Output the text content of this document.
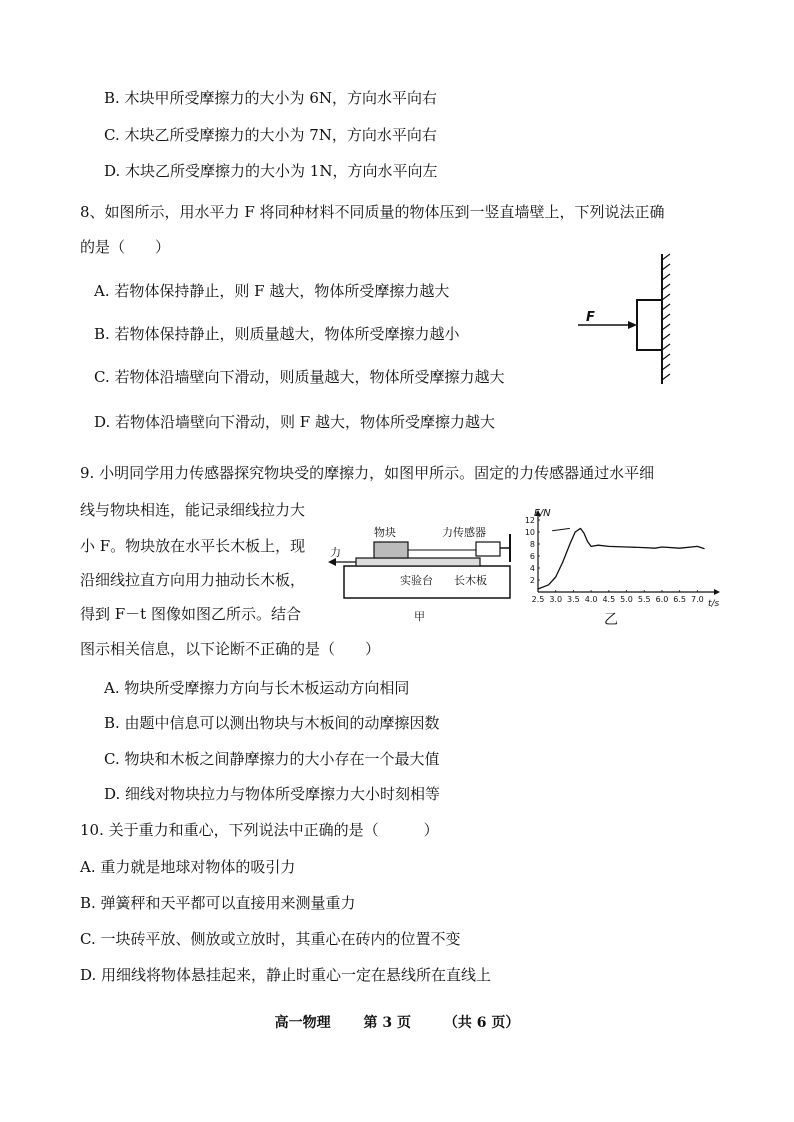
B. 木块甲所受摩擦力的大小为 6N，方向水平向右
C. 木块乙所受摩擦力的大小为 7N，方向水平向右
D. 木块乙所受摩擦力的大小为 1N，方向水平向左
8、如图所示，用水平力 F 将同种材料不同质量的物体压到一竖直墙壁上，下列说法正确
的是（　　）
A. 若物体保持静止，则 F 越大，物体所受摩擦力越大
B. 若物体保持静止，则质量越大，物体所受摩擦力越小
C. 若物体沿墙壁向下滑动，则质量越大，物体所受摩擦力越大
D. 若物体沿墙壁向下滑动，则 F 越大，物体所受摩擦力越大
F
9. 小明同学用力传感器探究物块受的摩擦力，如图甲所示。固定的力传感器通过水平细
线与物块相连，能记录细线拉力大
小 F。物块放在水平长木板上，现
沿细线拉直方向用力抽动长木板，
得到 F－t 图像如图乙所示。结合
图示相关信息，以下论断不正确的是（　　）
A. 物块所受摩擦力方向与长木板运动方向相同
B. 由题中信息可以测出物块与木板间的动摩擦因数
C. 物块和木板之间静摩擦力的大小存在一个最大值
D. 细线对物块拉力与物体所受摩擦力大小时刻相等
物块	力传感器
力
实验台 长木板
甲
2.5 3.0 3.5 4.0 4.5 5.0 5.5 6.0 6.5 7.0
2
4
6
8
10
12
F/N
t/s
乙
10. 关于重力和重心，下列说法中正确的是（　　　）
A. 重力就是地球对物体的吸引力
B. 弹簧秤和天平都可以直接用来测量重力
C. 一块砖平放、侧放或立放时，其重心在砖内的位置不变
D. 用细线将物体悬挂起来，静止时重心一定在悬线所在直线上
高一物理 第 3 页 （共 6 页）
